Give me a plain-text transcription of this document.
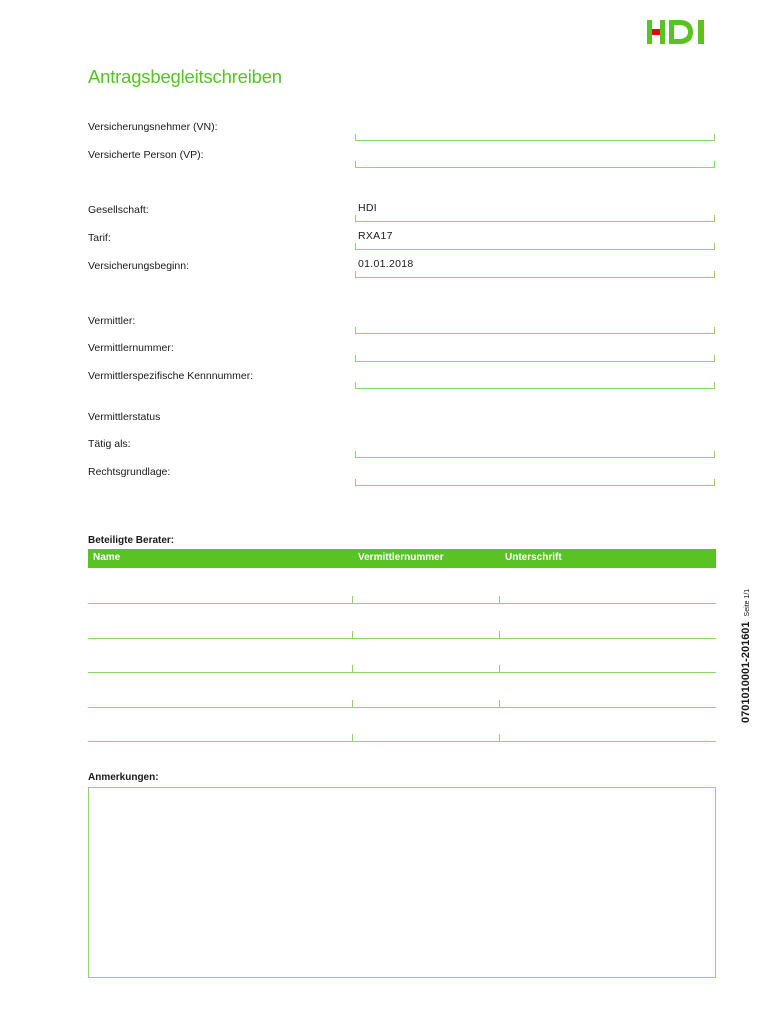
Antragsbegleitschreiben
Versicherungsnehmer (VN):
Versicherte Person (VP):
Gesellschaft:	HDI
Tarif:	RXA17
Versicherungsbeginn:	01.01.2018
Vermittler:
Vermittlernummer:
Vermittlerspezifische Kennnummer:
Vermittlerstatus
Tätig als:
Rechtsgrundlage:
Beteiligte Berater:
Name	Vermittlernummer	Unterschrift
Anmerkungen:
0701010001-201601Seite 1/1
